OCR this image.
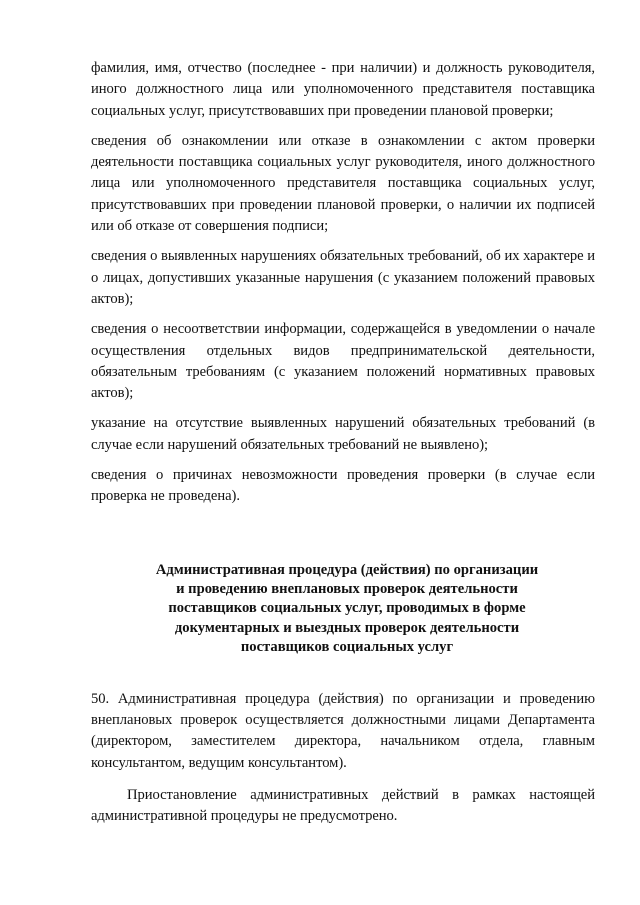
фамилия, имя, отчество (последнее - при наличии) и должность руководителя, иного должностного лица или уполномоченного представителя поставщика социальных услуг, присутствовавших при проведении плановой проверки;

сведения об ознакомлении или отказе в ознакомлении с актом проверки деятельности поставщика социальных услуг руководителя, иного должностного лица или уполномоченного представителя поставщика социальных услуг, присутствовавших при проведении плановой проверки, о наличии их подписей или об отказе от совершения подписи;

сведения о выявленных нарушениях обязательных требований, об их характере и о лицах, допустивших указанные нарушения (с указанием положений правовых актов);

сведения о несоответствии информации, содержащейся в уведомлении о начале осуществления отдельных видов предпринимательской деятельности, обязательным требованиям (с указанием положений нормативных правовых актов);

указание на отсутствие выявленных нарушений обязательных требований (в случае если нарушений обязательных требований не выявлено);

сведения о причинах невозможности проведения проверки (в случае если проверка не проведена).

Административная процедура (действия) по организации
и проведению внеплановых проверок деятельности
поставщиков социальных услуг, проводимых в форме
документарных и выездных проверок деятельности
поставщиков социальных услуг

50. Административная процедура (действия) по организации и проведению внеплановых проверок осуществляется должностными лицами Департамента (директором, заместителем директора, начальником отдела, главным консультантом, ведущим консультантом).

Приостановление административных действий в рамках настоящей административной процедуры не предусмотрено.
